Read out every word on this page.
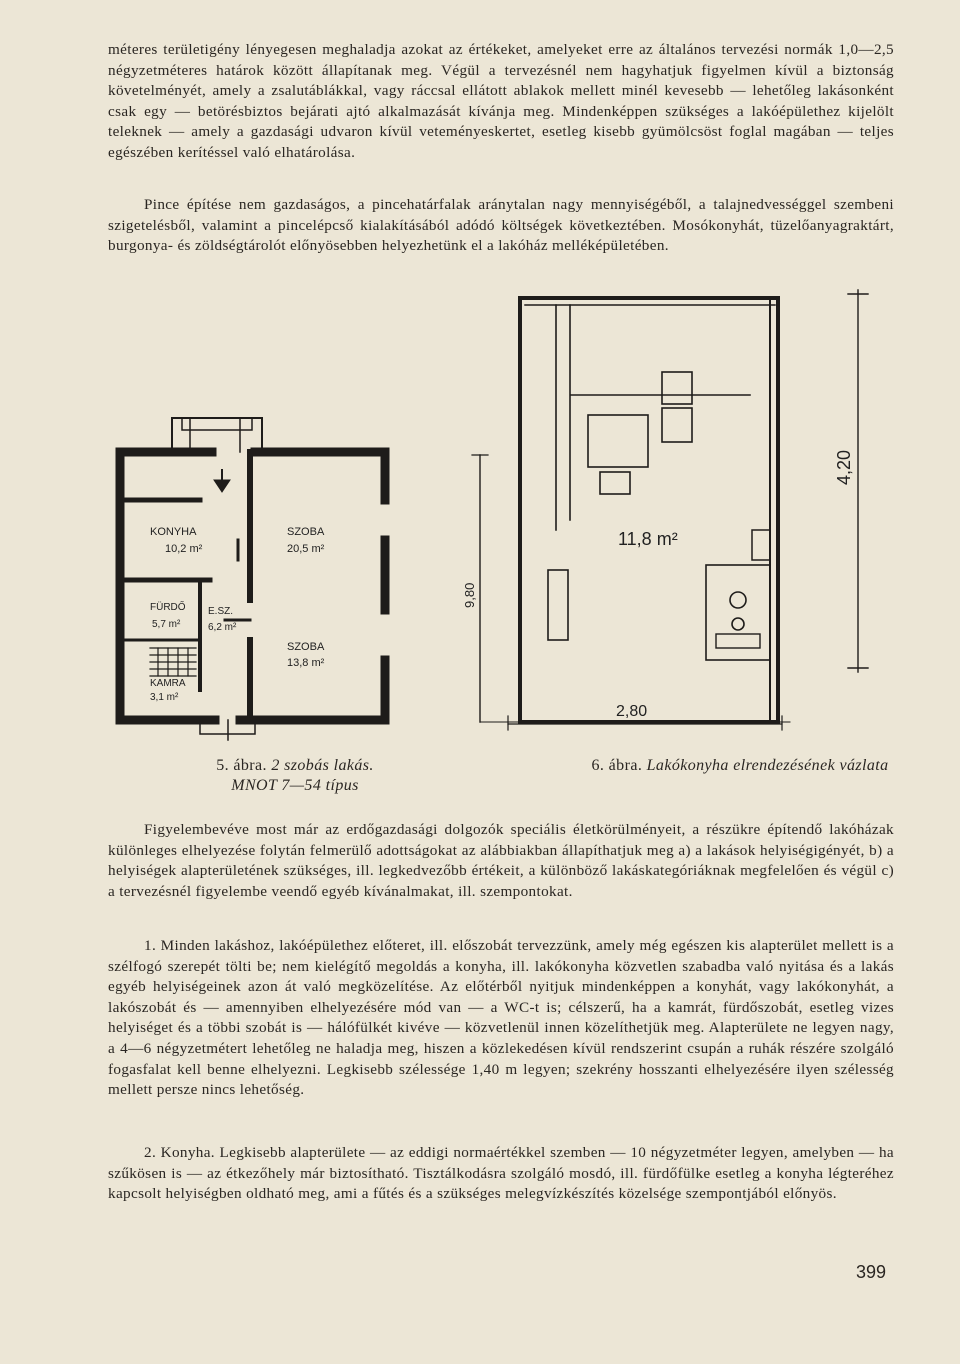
méteres területigény lényegesen meghaladja azokat az értékeket, amelyeket erre az általános tervezési normák 1,0—2,5 négyzetméteres határok között állapítanak meg. Végül a tervezésnél nem hagyhatjuk figyelmen kívül a biztonság követelményét, amely a zsalutáblákkal, vagy ráccsal ellátott ablakok mellett minél kevesebb — lehetőleg lakásonként csak egy — betörésbiztos bejárati ajtó alkalmazását kívánja meg. Mindenképpen szükséges a lakóépülethez kijelölt teleknek — amely a gazdasági udvaron kívül veteményeskertet, esetleg kisebb gyümölcsöst foglal magában — teljes egészében kerítéssel való elhatárolása.

Pince építése nem gazdaságos, a pincehatárfalak aránytalan nagy mennyiségéből, a talajnedvességgel szembeni szigetelésből, valamint a pincelépcső kialakításából adódó költségek következtében. Mosókonyhát, tüzelőanyagraktárt, burgonya- és zöldségtárolót előnyösebben helyezhetünk el a lakóház melléképületében.

KONYHA
10,2 m²
SZOBA
20,5 m²
FÜRDŐ
5,7 m²
E.SZ.
6,2 m²
SZOBA
13,8 m²
KAMRA
3,1 m²
11,8 m²
2,80
4,20
9,80
5. ábra. 2 szobás lakás. MNOT 7—54 típus
6. ábra. Lakókonyha elrendezésének vázlata

Figyelembevéve most már az erdőgazdasági dolgozók speciális életkörülményeit, a részükre építendő lakóházak különleges elhelyezése folytán felmerülő adottságokat az alábbiakban állapíthatjuk meg a) a lakások helyiségigényét, b) a helyiségek alapterületének szükséges, ill. legkedvezőbb értékeit, a különböző lakáskategóriáknak megfelelően és végül c) a tervezésnél figyelembe veendő egyéb kívánalmakat, ill. szempontokat.

1. Minden lakáshoz, lakóépülethez előteret, ill. előszobát tervezzünk, amely még egészen kis alapterület mellett is a szélfogó szerepét tölti be; nem kielégítő megoldás a konyha, ill. lakókonyha közvetlen szabadba való nyitása és a lakás egyéb helyiségeinek azon át való megközelítése. Az előtérből nyitjuk mindenképpen a konyhát, vagy lakókonyhát, a lakószobát és — amennyiben elhelyezésére mód van — a WC-t is; célszerű, ha a kamrát, fürdőszobát, esetleg vizes helyiséget és a többi szobát is — hálófülkét kivéve — közvetlenül innen közelíthetjük meg. Alapterülete ne legyen nagy, a 4—6 négyzetmétert lehetőleg ne haladja meg, hiszen a közlekedésen kívül rendszerint csupán a ruhák részére szolgáló fogasfalat kell benne elhelyezni. Legkisebb szélessége 1,40 m legyen; szekrény hosszanti elhelyezésére ilyen szélesség mellett persze nincs lehetőség.

2. Konyha. Legkisebb alapterülete — az eddigi normaértékkel szemben — 10 négyzetméter legyen, amelyben — ha szűkösen is — az étkezőhely már biztosítható. Tisztálkodásra szolgáló mosdó, ill. fürdőfülke esetleg a konyha légteréhez kapcsolt helyiségben oldható meg, ami a fűtés és a szükséges melegvízkészítés közelsége szempontjából előnyös.

399
